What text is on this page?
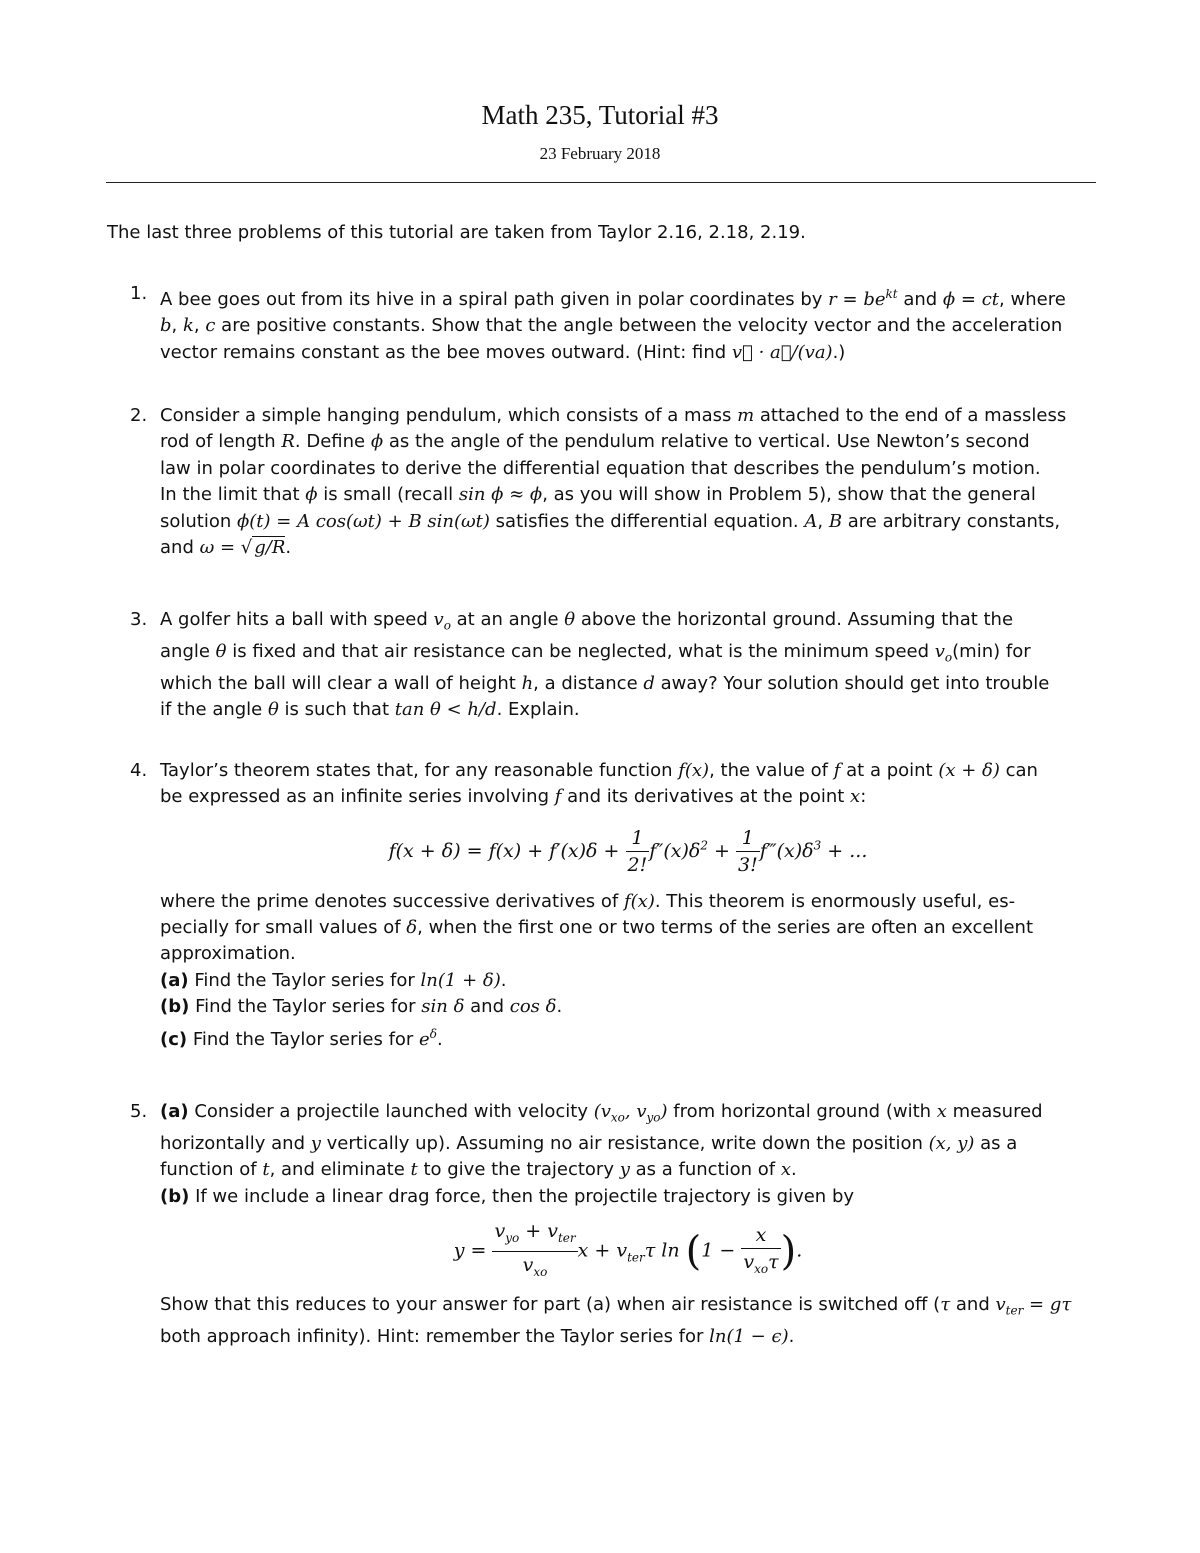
Math 235, Tutorial #3
23 February 2018
The last three problems of this tutorial are taken from Taylor 2.16, 2.18, 2.19.
1. A bee goes out from its hive in a spiral path given in polar coordinates by $r = be^{kt}$ and ϕ = ct, where
b, k, c are positive constants. Show that the angle between the velocity vector and the acceleration
vector remains constant as the bee moves outward. (Hint: find v⃗ · a⃗/(va).)
2. Consider a simple hanging pendulum, which consists of a mass m attached to the end of a massless
rod of length R. Define ϕ as the angle of the pendulum relative to vertical. Use Newton’s second
law in polar coordinates to derive the differential equation that describes the pendulum’s motion.
In the limit that ϕ is small (recall sin ϕ ≈ ϕ, as you will show in Problem 5), show that the general
solution ϕ(t) = A cos(ωt) + B sin(ωt) satisfies the differential equation. A, B are arbitrary constants,
and ω = √ g/R.
3. A golfer hits a ball with speed $v_o$ at an angle θ above the horizontal ground. Assuming that the
angle θ is fixed and that air resistance can be neglected, what is the minimum speed $v_o(\min)$ for
which the ball will clear a wall of height h, a distance d away? Your solution should get into trouble
if the angle θ is such that tan θ < h/d. Explain.
4. Taylor’s theorem states that, for any reasonable function f(x), the value of f at a point (x + δ) can
be expressed as an infinite series involving f and its derivatives at the point x:
$f(x + \delta) = f(x) + f'(x)\delta + \frac{1}{2!} f''(x)\delta^2 + \frac{1}{3!}$ $f‴(x)\delta^3$ + ...
where the prime denotes successive derivatives of f(x). This theorem is enormously useful, es-
pecially for small values of δ, when the first one or two terms of the series are often an excellent
approximation.
(a) Find the Taylor series for ln(1 + δ).
(b) Find the Taylor series for sin δ and cos δ.
(c) Find the Taylor series for $e^\delta$.
5. (a) Consider a projectile launched with velocity ($v_{xo}$, $v_{yo}$) from horizontal ground (with x measured
horizontally and y vertically up). Assuming no air resistance, write down the position (x, y) as a
function of t, and eliminate t to give the trajectory y as a function of x.
(b) If we include a linear drag force, then the projectile trajectory is given by
$y = \frac{v_{yo} + v_{ter}}{v_{xo}}$ $x + v_{ter}\tau$ $\ln (1 - \frac{x}{v_{xo}\tau}$ ).
Show that this reduces to your answer for part (a) when air resistance is switched off (τ and $v_{ter} = g\tau$
both approach infinity). Hint: remember the Taylor series for ln(1 − ϵ).
